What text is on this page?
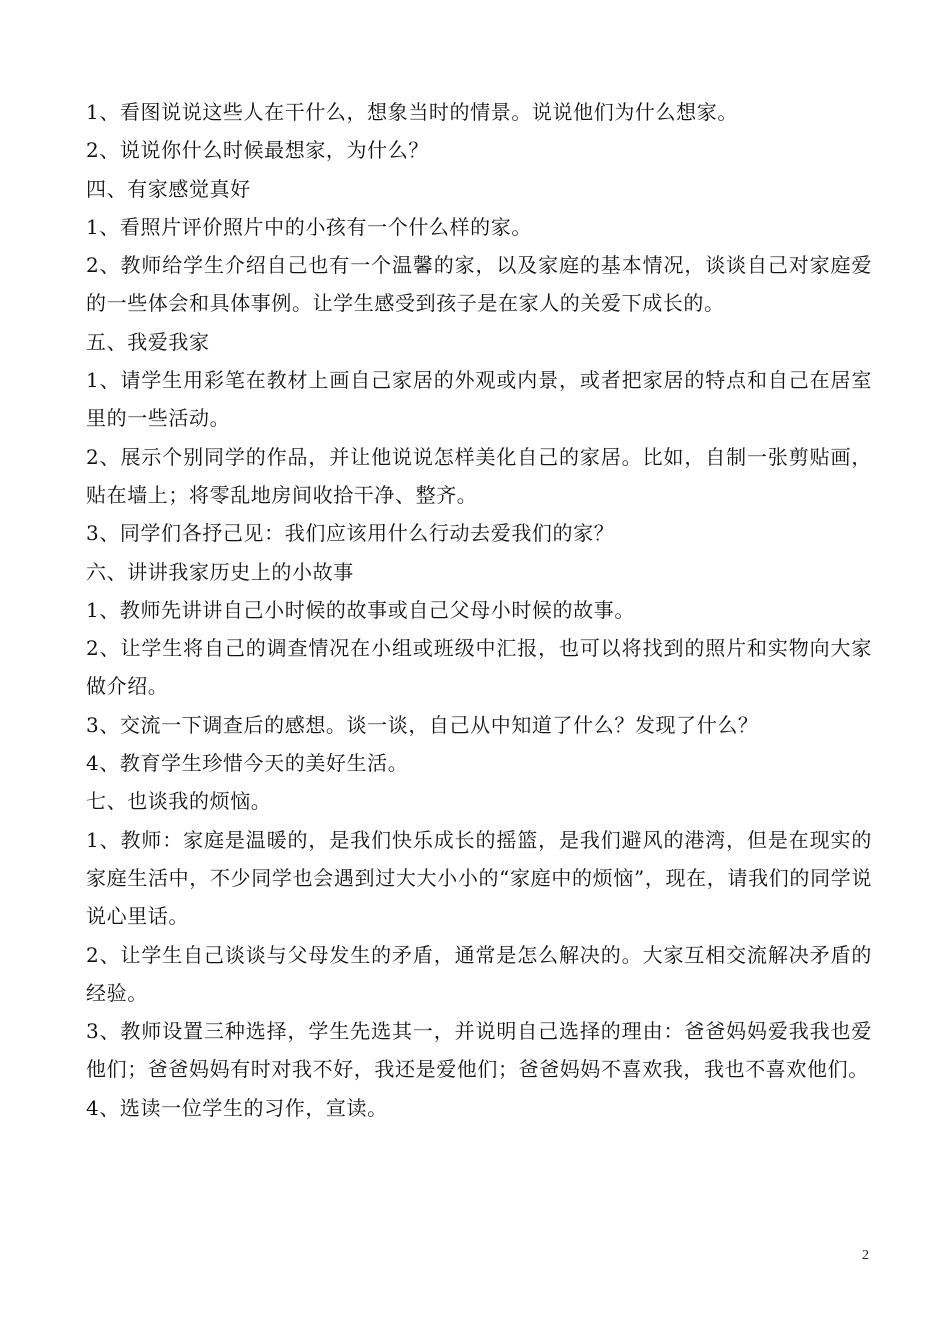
1、看图说说这些人在干什么，想象当时的情景。说说他们为什么想家。

2、说说你什么时候最想家，为什么？

四、有家感觉真好

1、看照片评价照片中的小孩有一个什么样的家。

2、教师给学生介绍自己也有一个温馨的家，以及家庭的基本情况，谈谈自己对家庭爱的一些体会和具体事例。让学生感受到孩子是在家人的关爱下成长的。

五、我爱我家

1、请学生用彩笔在教材上画自己家居的外观或内景，或者把家居的特点和自己在居室里的一些活动。

2、展示个别同学的作品，并让他说说怎样美化自己的家居。比如，自制一张剪贴画，贴在墙上；将零乱地房间收拾干净、整齐。

3、同学们各抒己见：我们应该用什么行动去爱我们的家？

六、讲讲我家历史上的小故事

1、教师先讲讲自己小时候的故事或自己父母小时候的故事。

2、让学生将自己的调查情况在小组或班级中汇报，也可以将找到的照片和实物向大家做介绍。

3、交流一下调查后的感想。谈一谈，自己从中知道了什么？发现了什么？

4、教育学生珍惜今天的美好生活。

七、也谈我的烦恼。

1、教师：家庭是温暖的，是我们快乐成长的摇篮，是我们避风的港湾，但是在现实的家庭生活中，不少同学也会遇到过大大小小的“家庭中的烦恼”，现在，请我们的同学说说心里话。

2、让学生自己谈谈与父母发生的矛盾，通常是怎么解决的。大家互相交流解决矛盾的经验。

3、教师设置三种选择，学生先选其一，并说明自己选择的理由：爸爸妈妈爱我我也爱他们；爸爸妈妈有时对我不好，我还是爱他们；爸爸妈妈不喜欢我，我也不喜欢他们。

4、选读一位学生的习作，宣读。

2
